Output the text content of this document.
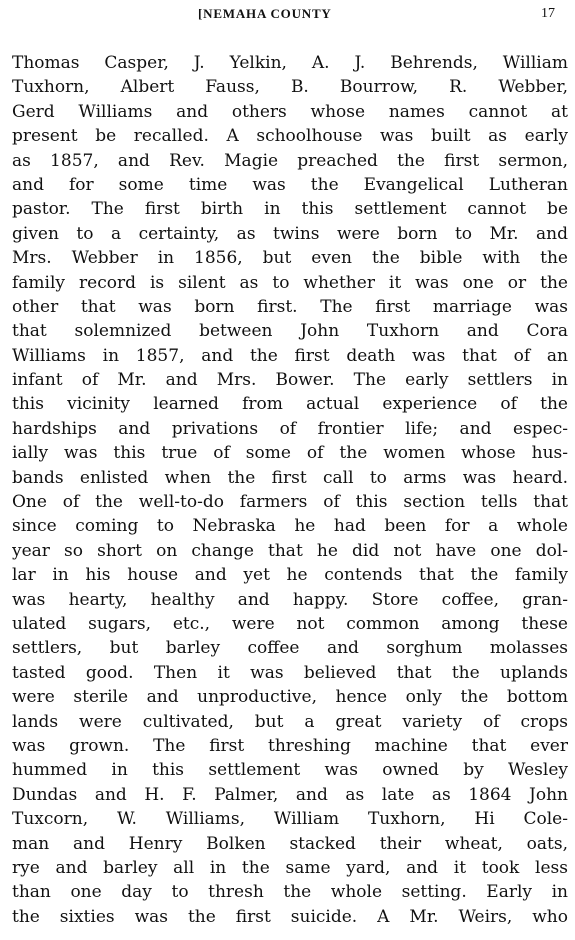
[NEMAHA COUNTY	17
Thomas Casper, J. Yelkin, A. J. Behrends, William
Tuxhorn, Albert Fauss, B. Bourrow, R. Webber,
Gerd Williams and others whose names cannot at
present be recalled. A schoolhouse was built as early
as 1857, and Rev. Magie preached the first sermon,
and for some time was the Evangelical Lutheran
pastor. The first birth in this settlement cannot be
given to a certainty, as twins were born to Mr. and
Mrs. Webber in 1856, but even the bible with the
family record is silent as to whether it was one or the
other that was born first. The first marriage was
that solemnized between John Tuxhorn and Cora
Williams in 1857, and the first death was that of an
infant of Mr. and Mrs. Bower. The early settlers in
this vicinity learned from actual experience of the
hardships and privations of frontier life; and espec-
ially was this true of some of the women whose hus-
bands enlisted when the first call to arms was heard.
One of the well-to-do farmers of this section tells that
since coming to Nebraska he had been for a whole
year so short on change that he did not have one dol-
lar in his house and yet he contends that the family
was hearty, healthy and happy. Store coffee, gran-
ulated sugars, etc., were not common among these
settlers, but barley coffee and sorghum molasses
tasted good. Then it was believed that the uplands
were sterile and unproductive, hence only the bottom
lands were cultivated, but a great variety of crops
was grown. The first threshing machine that ever
hummed in this settlement was owned by Wesley
Dundas and H. F. Palmer, and as late as 1864 John
Tuxcorn, W. Williams, William Tuxhorn, Hi Cole-
man and Henry Bolken stacked their wheat, oats,
rye and barley all in the same yard, and it took less
than one day to thresh the whole setting. Early in
the sixties was the first suicide. A Mr. Weirs, who
